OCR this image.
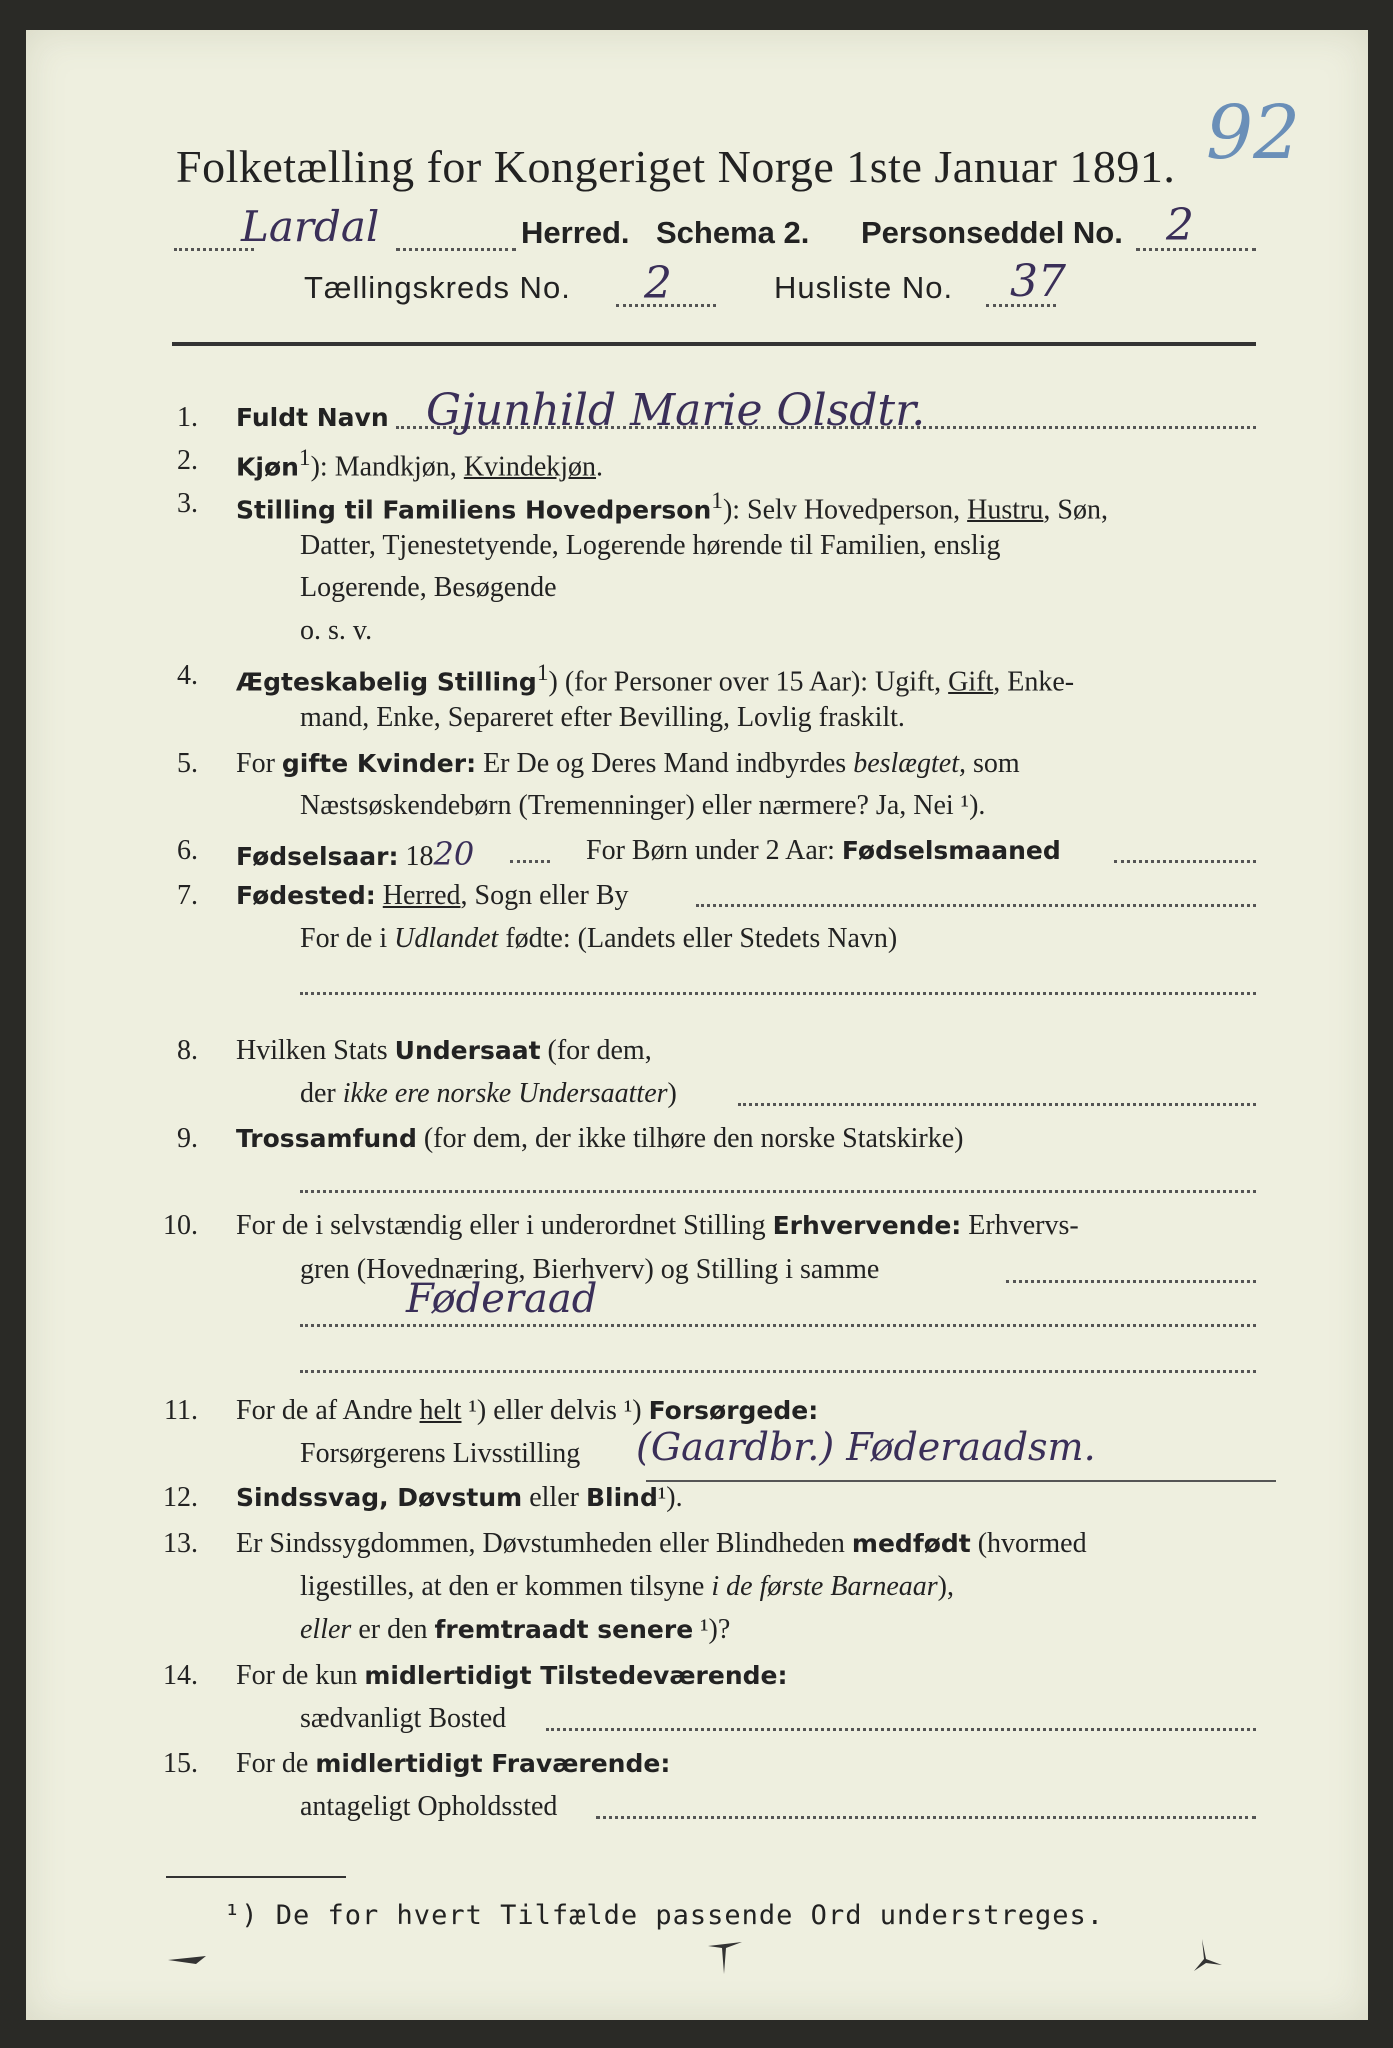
Folketælling for Kongeriget Norge 1ste Januar 1891. 92
Lardal	Herred. Schema 2. Personseddel No. 2
Tællingskreds No. 2	Husliste No. 37
1. Fuldt Navn Gjunhild Marie Olsdtr.
2. Kjøn$^1$): Mandkjøn, Kvindekjøn.
3. Stilling til Familiens Hovedperson$^1$): Selv Hovedperson, Hustru, Søn,
Datter, Tjenestetyende, Logerende hørende til Familien, enslig
Logerende, Besøgende
o. s. v.
4. Ægteskabelig Stilling$^1$) (for Personer over 15 Aar): Ugift, Gift, Enke-
mand, Enke, Separeret efter Bevilling, Lovlig fraskilt.
5. For gifte Kvinder: Er De og Deres Mand indbyrdes beslægtet, som
Næstsøskendebørn (Tremenninger) eller nærmere? Ja, Nei ¹).
6. Fødselsaar: 1820	For Børn under 2 Aar: Fødselsmaaned
7. Fødested: Herred, Sogn eller By
For de i Udlandet fødte: (Landets eller Stedets Navn)
8. Hvilken Stats Undersaat (for dem,
der ikke ere norske Undersaatter)
9. Trossamfund (for dem, der ikke tilhøre den norske Statskirke)
10. For de i selvstændig eller i underordnet Stilling Erhvervende: Erhvervs-
gren (Hovednæring, Bierhverv) og Stilling i samme
Føderaad
11. For de af Andre helt ¹) eller delvis ¹) Forsørgede:
Forsørgerens Livsstilling (Gaardbr.) Føderaadsm.
12. Sindssvag, Døvstum eller Blind¹).
13. Er Sindssygdommen, Døvstumheden eller Blindheden medfødt (hvormed
ligestilles, at den er kommen tilsyne i de første Barneaar),
eller er den fremtraadt senere ¹)?
14. For de kun midlertidigt Tilstedeværende:
sædvanligt Bosted
15. For de midlertidigt Fraværende:
antageligt Opholdssted
¹) De for hvert Tilfælde passende Ord understreges.
